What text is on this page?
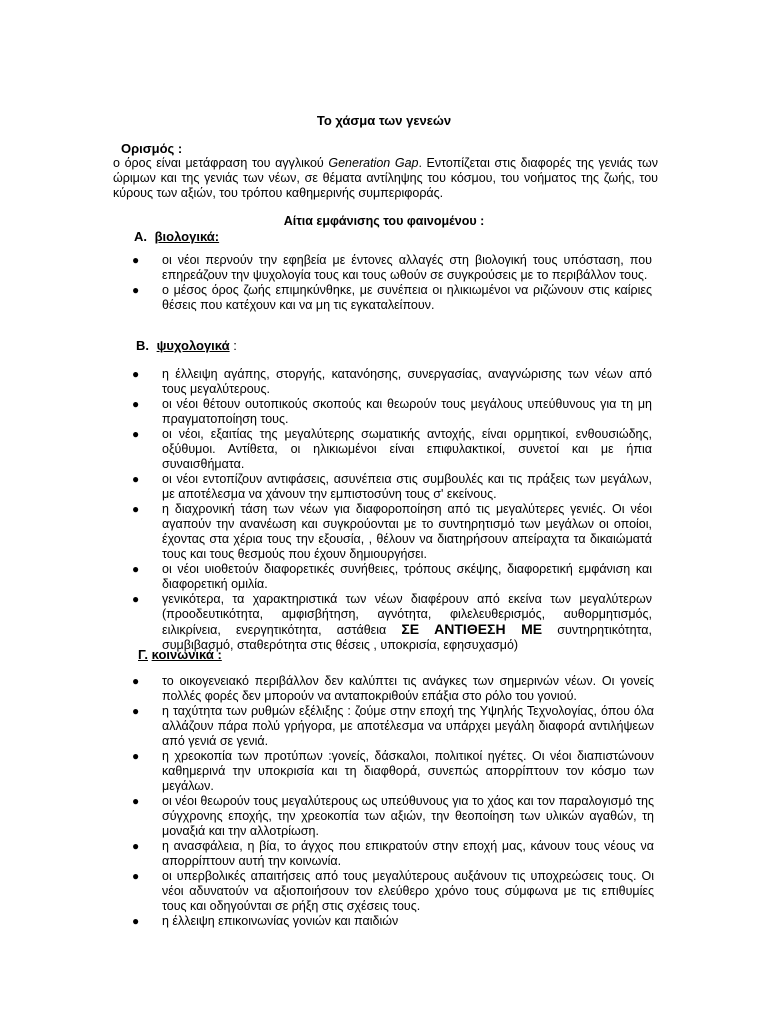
Το χάσμα των γενεών
Ορισμός :
ο όρος είναι μετάφραση του αγγλικού Generation Gap. Εντοπίζεται στις διαφορές της γενιάς των ώριμων και της γενιάς των νέων, σε θέματα αντίληψης του κόσμου, του νοήματος της ζωής, του κύρους των αξιών, του τρόπου καθημερινής συμπεριφοράς.
Αίτια εμφάνισης του φαινομένου :
Α. βιολογικά:
● οι νέοι περνούν την εφηβεία με έντονες αλλαγές στη βιολογική τους υπόσταση, που επηρεάζουν την ψυχολογία τους και τους ωθούν σε συγκρούσεις με το περιβάλλον τους.
● ο μέσος όρος ζωής επιμηκύνθηκε, με συνέπεια οι ηλικιωμένοι να ριζώνουν στις καίριες θέσεις που κατέχουν και να μη τις εγκαταλείπουν.
Β. ψυχολογικά :
● η έλλειψη αγάπης, στοργής, κατανόησης, συνεργασίας, αναγνώρισης των νέων από τους μεγαλύτερους.
● οι νέοι θέτουν ουτοπικούς σκοπούς και θεωρούν τους μεγάλους υπεύθυνους για τη μη πραγματοποίηση τους.
● οι νέοι, εξαιτίας της μεγαλύτερης σωματικής αντοχής, είναι ορμητικοί, ενθουσιώδης, οξύθυμοι. Αντίθετα, οι ηλικιωμένοι είναι επιφυλακτικοί, συνετοί και με ήπια συναισθήματα.
● οι νέοι εντοπίζουν αντιφάσεις, ασυνέπεια στις συμβουλές και τις πράξεις των μεγάλων, με αποτέλεσμα να χάνουν την εμπιστοσύνη τους σ' εκείνους.
● η διαχρονική τάση των νέων για διαφοροποίηση από τις μεγαλύτερες γενιές. Οι νέοι αγαπούν την ανανέωση και συγκρούονται με το συντηρητισμό των μεγάλων οι οποίοι, έχοντας στα χέρια τους την εξουσία, , θέλουν να διατηρήσουν απείραχτα τα δικαιώματά τους και τους θεσμούς που έχουν δημιουργήσει.
● οι νέοι υιοθετούν διαφορετικές συνήθειες, τρόπους σκέψης, διαφορετική εμφάνιση και διαφορετική ομιλία.
● γενικότερα, τα χαρακτηριστικά των νέων διαφέρουν από εκείνα των μεγαλύτερων (προοδευτικότητα, αμφισβήτηση, αγνότητα, φιλελευθερισμός, αυθορμητισμός, ειλικρίνεια, ενεργητικότητα, αστάθεια ΣΕ ΑΝΤΙΘΕΣΗ ΜΕ συντηρητικότητα, συμβιβασμό, σταθερότητα στις θέσεις , υποκρισία, εφησυχασμό)
Γ. κοινωνικά :
● το οικογενειακό περιβάλλον δεν καλύπτει τις ανάγκες των σημερινών νέων. Οι γονείς πολλές φορές δεν μπορούν να ανταποκριθούν επάξια στο ρόλο του γονιού.
● η ταχύτητα των ρυθμών εξέλιξης : ζούμε στην εποχή της Υψηλής Τεχνολογίας, όπου όλα αλλάζουν πάρα πολύ γρήγορα, με αποτέλεσμα να υπάρχει μεγάλη διαφορά αντιλήψεων από γενιά σε γενιά.
● η χρεοκοπία των προτύπων :γονείς, δάσκαλοι, πολιτικοί ηγέτες. Οι νέοι διαπιστώνουν καθημερινά την υποκρισία και τη διαφθορά, συνεπώς απορρίπτουν τον κόσμο των μεγάλων.
● οι νέοι θεωρούν τους μεγαλύτερους ως υπεύθυνους για το χάος και τον παραλογισμό της σύγχρονης εποχής, την χρεοκοπία των αξιών, την θεοποίηση των υλικών αγαθών, τη μοναξιά και την αλλοτρίωση.
● η ανασφάλεια, η βία, το άγχος που επικρατούν στην εποχή μας, κάνουν τους νέους να απορρίπτουν αυτή την κοινωνία.
● οι υπερβολικές απαιτήσεις από τους μεγαλύτερους αυξάνουν τις υποχρεώσεις τους. Οι νέοι αδυνατούν να αξιοποιήσουν τον ελεύθερο χρόνο τους σύμφωνα με τις επιθυμίες τους και οδηγούνται σε ρήξη στις σχέσεις τους.
● η έλλειψη επικοινωνίας γονιών και παιδιών
